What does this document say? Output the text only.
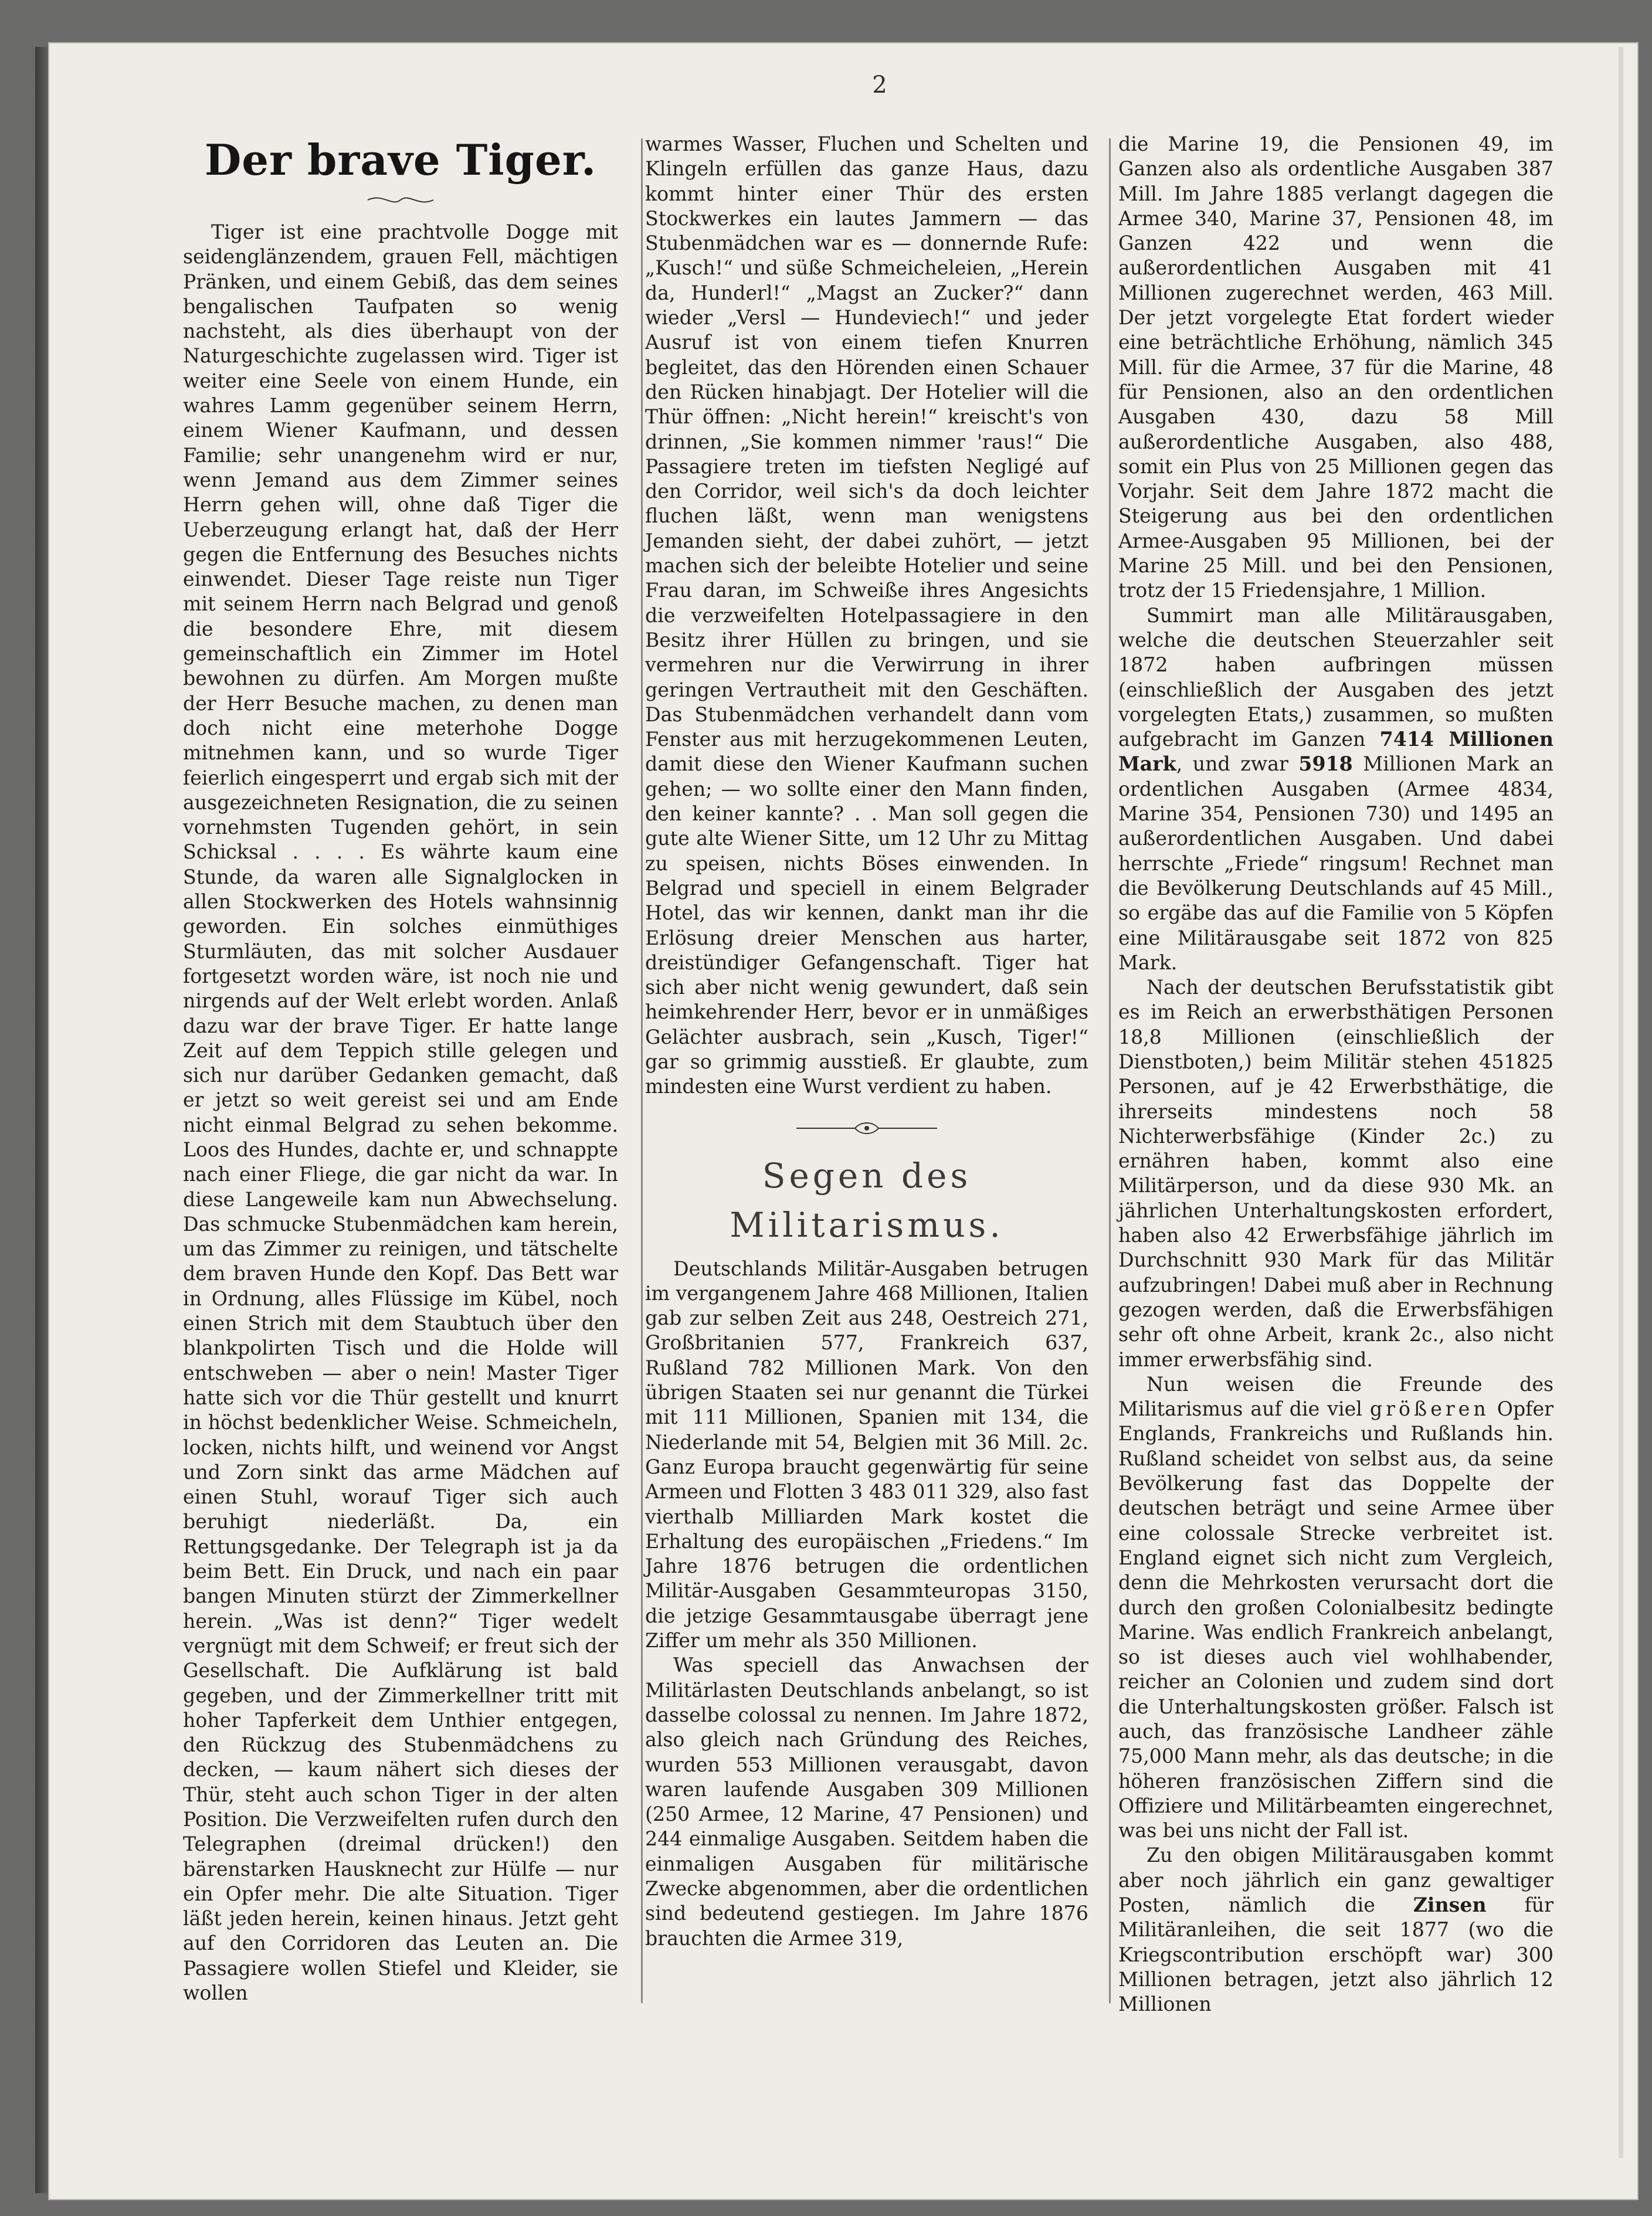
2
Der brave Tiger.

Tiger ist eine prachtvolle Dogge mit seidenglänzendem, grauen Fell, mächtigen Pränken, und einem Gebiß, das dem seines bengalischen Taufpaten so wenig nachsteht, als dies überhaupt von der Naturgeschichte zugelassen wird. Tiger ist weiter eine Seele von einem Hunde, ein wahres Lamm gegenüber seinem Herrn, einem Wiener Kaufmann, und dessen Familie; sehr unangenehm wird er nur, wenn Jemand aus dem Zimmer seines Herrn gehen will, ohne daß Tiger die Ueberzeugung erlangt hat, daß der Herr gegen die Entfernung des Besuches nichts einwendet. Dieser Tage reiste nun Tiger mit seinem Herrn nach Belgrad und genoß die besondere Ehre, mit diesem gemeinschaftlich ein Zimmer im Hotel bewohnen zu dürfen. Am Morgen mußte der Herr Besuche machen, zu denen man doch nicht eine meterhohe Dogge mitnehmen kann, und so wurde Tiger feierlich eingesperrt und ergab sich mit der ausgezeichneten Resignation, die zu seinen vornehmsten Tugenden gehört, in sein Schicksal . . . . Es währte kaum eine Stunde, da waren alle Signalglocken in allen Stockwerken des Hotels wahnsinnig geworden. Ein solches einmüthiges Sturmläuten, das mit solcher Ausdauer fortgesetzt worden wäre, ist noch nie und nirgends auf der Welt erlebt worden. Anlaß dazu war der brave Tiger. Er hatte lange Zeit auf dem Teppich stille gelegen und sich nur darüber Gedanken gemacht, daß er jetzt so weit gereist sei und am Ende nicht einmal Belgrad zu sehen bekomme. Loos des Hundes, dachte er, und schnappte nach einer Fliege, die gar nicht da war. In diese Langeweile kam nun Abwechselung. Das schmucke Stubenmädchen kam herein, um das Zimmer zu reinigen, und tätschelte dem braven Hunde den Kopf. Das Bett war in Ordnung, alles Flüssige im Kübel, noch einen Strich mit dem Staubtuch über den blankpolirten Tisch und die Holde will entschweben — aber o nein! Master Tiger hatte sich vor die Thür gestellt und knurrt in höchst bedenklicher Weise. Schmeicheln, locken, nichts hilft, und weinend vor Angst und Zorn sinkt das arme Mädchen auf einen Stuhl, worauf Tiger sich auch beruhigt niederläßt. Da, ein Rettungsgedanke. Der Telegraph ist ja da beim Bett. Ein Druck, und nach ein paar bangen Minuten stürzt der Zimmerkellner herein. „Was ist denn?“ Tiger wedelt vergnügt mit dem Schweif; er freut sich der Gesellschaft. Die Aufklärung ist bald gegeben, und der Zimmerkellner tritt mit hoher Tapferkeit dem Unthier entgegen, den Rückzug des Stubenmädchens zu decken, — kaum nähert sich dieses der Thür, steht auch schon Tiger in der alten Position. Die Verzweifelten rufen durch den Telegraphen (dreimal drücken!) den bärenstarken Hausknecht zur Hülfe — nur ein Opfer mehr. Die alte Situation. Tiger läßt jeden herein, keinen hinaus. Jetzt geht auf den Corridoren das Leuten an. Die Passagiere wollen Stiefel und Kleider, sie wollen

warmes Wasser, Fluchen und Schelten und Klingeln erfüllen das ganze Haus, dazu kommt hinter einer Thür des ersten Stockwerkes ein lautes Jammern — das Stubenmädchen war es — donnernde Rufe: „Kusch!“ und süße Schmeicheleien, „Herein da, Hunderl!“ „Magst an Zucker?“ dann wieder „Versl — Hundeviech!“ und jeder Ausruf ist von einem tiefen Knurren begleitet, das den Hörenden einen Schauer den Rücken hinabjagt. Der Hotelier will die Thür öffnen: „Nicht herein!“ kreischt's von drinnen, „Sie kommen nimmer 'raus!“ Die Passagiere treten im tiefsten Negligé auf den Corridor, weil sich's da doch leichter fluchen läßt, wenn man wenigstens Jemanden sieht, der dabei zuhört, — jetzt machen sich der beleibte Hotelier und seine Frau daran, im Schweiße ihres Angesichts die verzweifelten Hotelpassagiere in den Besitz ihrer Hüllen zu bringen, und sie vermehren nur die Verwirrung in ihrer geringen Vertrautheit mit den Geschäften. Das Stubenmädchen verhandelt dann vom Fenster aus mit herzugekommenen Leuten, damit diese den Wiener Kaufmann suchen gehen; — wo sollte einer den Mann finden, den keiner kannte? . . Man soll gegen die gute alte Wiener Sitte, um 12 Uhr zu Mittag zu speisen, nichts Böses einwenden. In Belgrad und speciell in einem Belgrader Hotel, das wir kennen, dankt man ihr die Erlösung dreier Menschen aus harter, dreistündiger Gefangenschaft. Tiger hat sich aber nicht wenig gewundert, daß sein heimkehrender Herr, bevor er in unmäßiges Gelächter ausbrach, sein „Kusch, Tiger!“ gar so grimmig ausstieß. Er glaubte, zum mindesten eine Wurst verdient zu haben.

Segen des Militarismus.

Deutschlands Militär-Ausgaben betrugen im vergangenem Jahre 468 Millionen, Italien gab zur selben Zeit aus 248, Oestreich 271, Großbritanien 577, Frankreich 637, Rußland 782 Millionen Mark. Von den übrigen Staaten sei nur genannt die Türkei mit 111 Millionen, Spanien mit 134, die Niederlande mit 54, Belgien mit 36 Mill. 2c. Ganz Europa braucht gegenwärtig für seine Armeen und Flotten 3 483 011 329, also fast vierthalb Milliarden Mark kostet die Erhaltung des europäischen „Friedens.“ Im Jahre 1876 betrugen die ordentlichen Militär-Ausgaben Gesammteuropas 3150, die jetzige Gesammtausgabe überragt jene Ziffer um mehr als 350 Millionen.

Was speciell das Anwachsen der Militärlasten Deutschlands anbelangt, so ist dasselbe colossal zu nennen. Im Jahre 1872, also gleich nach Gründung des Reiches, wurden 553 Millionen verausgabt, davon waren laufende Ausgaben 309 Millionen (250 Armee, 12 Marine, 47 Pensionen) und 244 einmalige Ausgaben. Seitdem haben die einmaligen Ausgaben für militärische Zwecke abgenommen, aber die ordentlichen sind bedeutend gestiegen. Im Jahre 1876 brauchten die Armee 319,

die Marine 19, die Pensionen 49, im Ganzen also als ordentliche Ausgaben 387 Mill. Im Jahre 1885 verlangt dagegen die Armee 340, Marine 37, Pensionen 48, im Ganzen 422 und wenn die außerordentlichen Ausgaben mit 41 Millionen zugerechnet werden, 463 Mill. Der jetzt vorgelegte Etat fordert wieder eine beträchtliche Erhöhung, nämlich 345 Mill. für die Armee, 37 für die Marine, 48 für Pensionen, also an den ordentlichen Ausgaben 430, dazu 58 Mill außerordentliche Ausgaben, also 488, somit ein Plus von 25 Millionen gegen das Vorjahr. Seit dem Jahre 1872 macht die Steigerung aus bei den ordentlichen Armee-Ausgaben 95 Millionen, bei der Marine 25 Mill. und bei den Pensionen, trotz der 15 Friedensjahre, 1 Million.

Summirt man alle Militärausgaben, welche die deutschen Steuerzahler seit 1872 haben aufbringen müssen (einschließlich der Ausgaben des jetzt vorgelegten Etats,) zusammen, so mußten aufgebracht im Ganzen 7414 Millionen Mark, und zwar 5918 Millionen Mark an ordentlichen Ausgaben (Armee 4834, Marine 354, Pensionen 730) und 1495 an außerordentlichen Ausgaben. Und dabei herrschte „Friede“ ringsum! Rechnet man die Bevölkerung Deutschlands auf 45 Mill., so ergäbe das auf die Familie von 5 Köpfen eine Militärausgabe seit 1872 von 825 Mark.

Nach der deutschen Berufsstatistik gibt es im Reich an erwerbsthätigen Personen 18,8 Millionen (einschließlich der Dienstboten,) beim Militär stehen 451825 Personen, auf je 42 Erwerbsthätige, die ihrerseits mindestens noch 58 Nichterwerbsfähige (Kinder 2c.) zu ernähren haben, kommt also eine Militärperson, und da diese 930 Mk. an jährlichen Unterhaltungskosten erfordert, haben also 42 Erwerbsfähige jährlich im Durchschnitt 930 Mark für das Militär aufzubringen! Dabei muß aber in Rechnung gezogen werden, daß die Erwerbsfähigen sehr oft ohne Arbeit, krank 2c., also nicht immer erwerbsfähig sind.

Nun weisen die Freunde des Militarismus auf die viel größeren Opfer Englands, Frankreichs und Rußlands hin. Rußland scheidet von selbst aus, da seine Bevölkerung fast das Doppelte der deutschen beträgt und seine Armee über eine colossale Strecke verbreitet ist. England eignet sich nicht zum Vergleich, denn die Mehrkosten verursacht dort die durch den großen Colonialbesitz bedingte Marine. Was endlich Frankreich anbelangt, so ist dieses auch viel wohlhabender, reicher an Colonien und zudem sind dort die Unterhaltungskosten größer. Falsch ist auch, das französische Landheer zähle 75,000 Mann mehr, als das deutsche; in die höheren französischen Ziffern sind die Offiziere und Militärbeamten eingerechnet, was bei uns nicht der Fall ist.

Zu den obigen Militärausgaben kommt aber noch jährlich ein ganz gewaltiger Posten, nämlich die Zinsen für Militäranleihen, die seit 1877 (wo die Kriegscontribution erschöpft war) 300 Millionen betragen, jetzt also jährlich 12 Millionen
